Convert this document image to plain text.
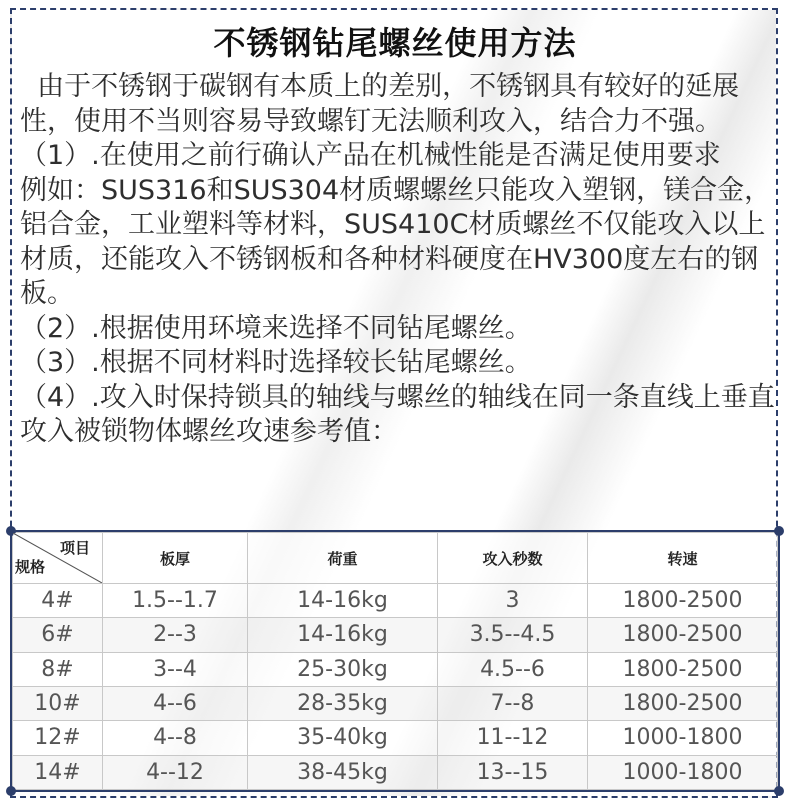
不锈钢钻尾螺丝使用方法

由于不锈钢于碳钢有本质上的差别，不锈钢具有较好的延展性，使用不当则容易导致螺钉无法顺利攻入，结合力不强。

（1）.在使用之前行确认产品在机械性能是否满足使用要求

例如：SUS316和SUS304材质螺螺丝只能攻入塑钢，镁合金，铝合金，工业塑料等材料，SUS410C材质螺丝不仅能攻入以上材质，还能攻入不锈钢板和各种材料硬度在HV300度左右的钢板。

（2）.根据使用环境来选择不同钻尾螺丝。

（3）.根据不同材料时选择较长钻尾螺丝。

（4）.攻入时保持锁具的轴线与螺丝的轴线在同一条直线上垂直攻入被锁物体螺丝攻速参考值：

项目
规格	板厚	荷重	攻入秒数	转速
4#	1.5--1.7	14-16kg	3	1800-2500
6#	2--3	14-16kg	3.5--4.5	1800-2500
8#	3--4	25-30kg	4.5--6	1800-2500
10#	4--6	28-35kg	7--8	1800-2500
12#	4--8	35-40kg	11--12	1000-1800
14#	4--12	38-45kg	13--15	1000-1800
